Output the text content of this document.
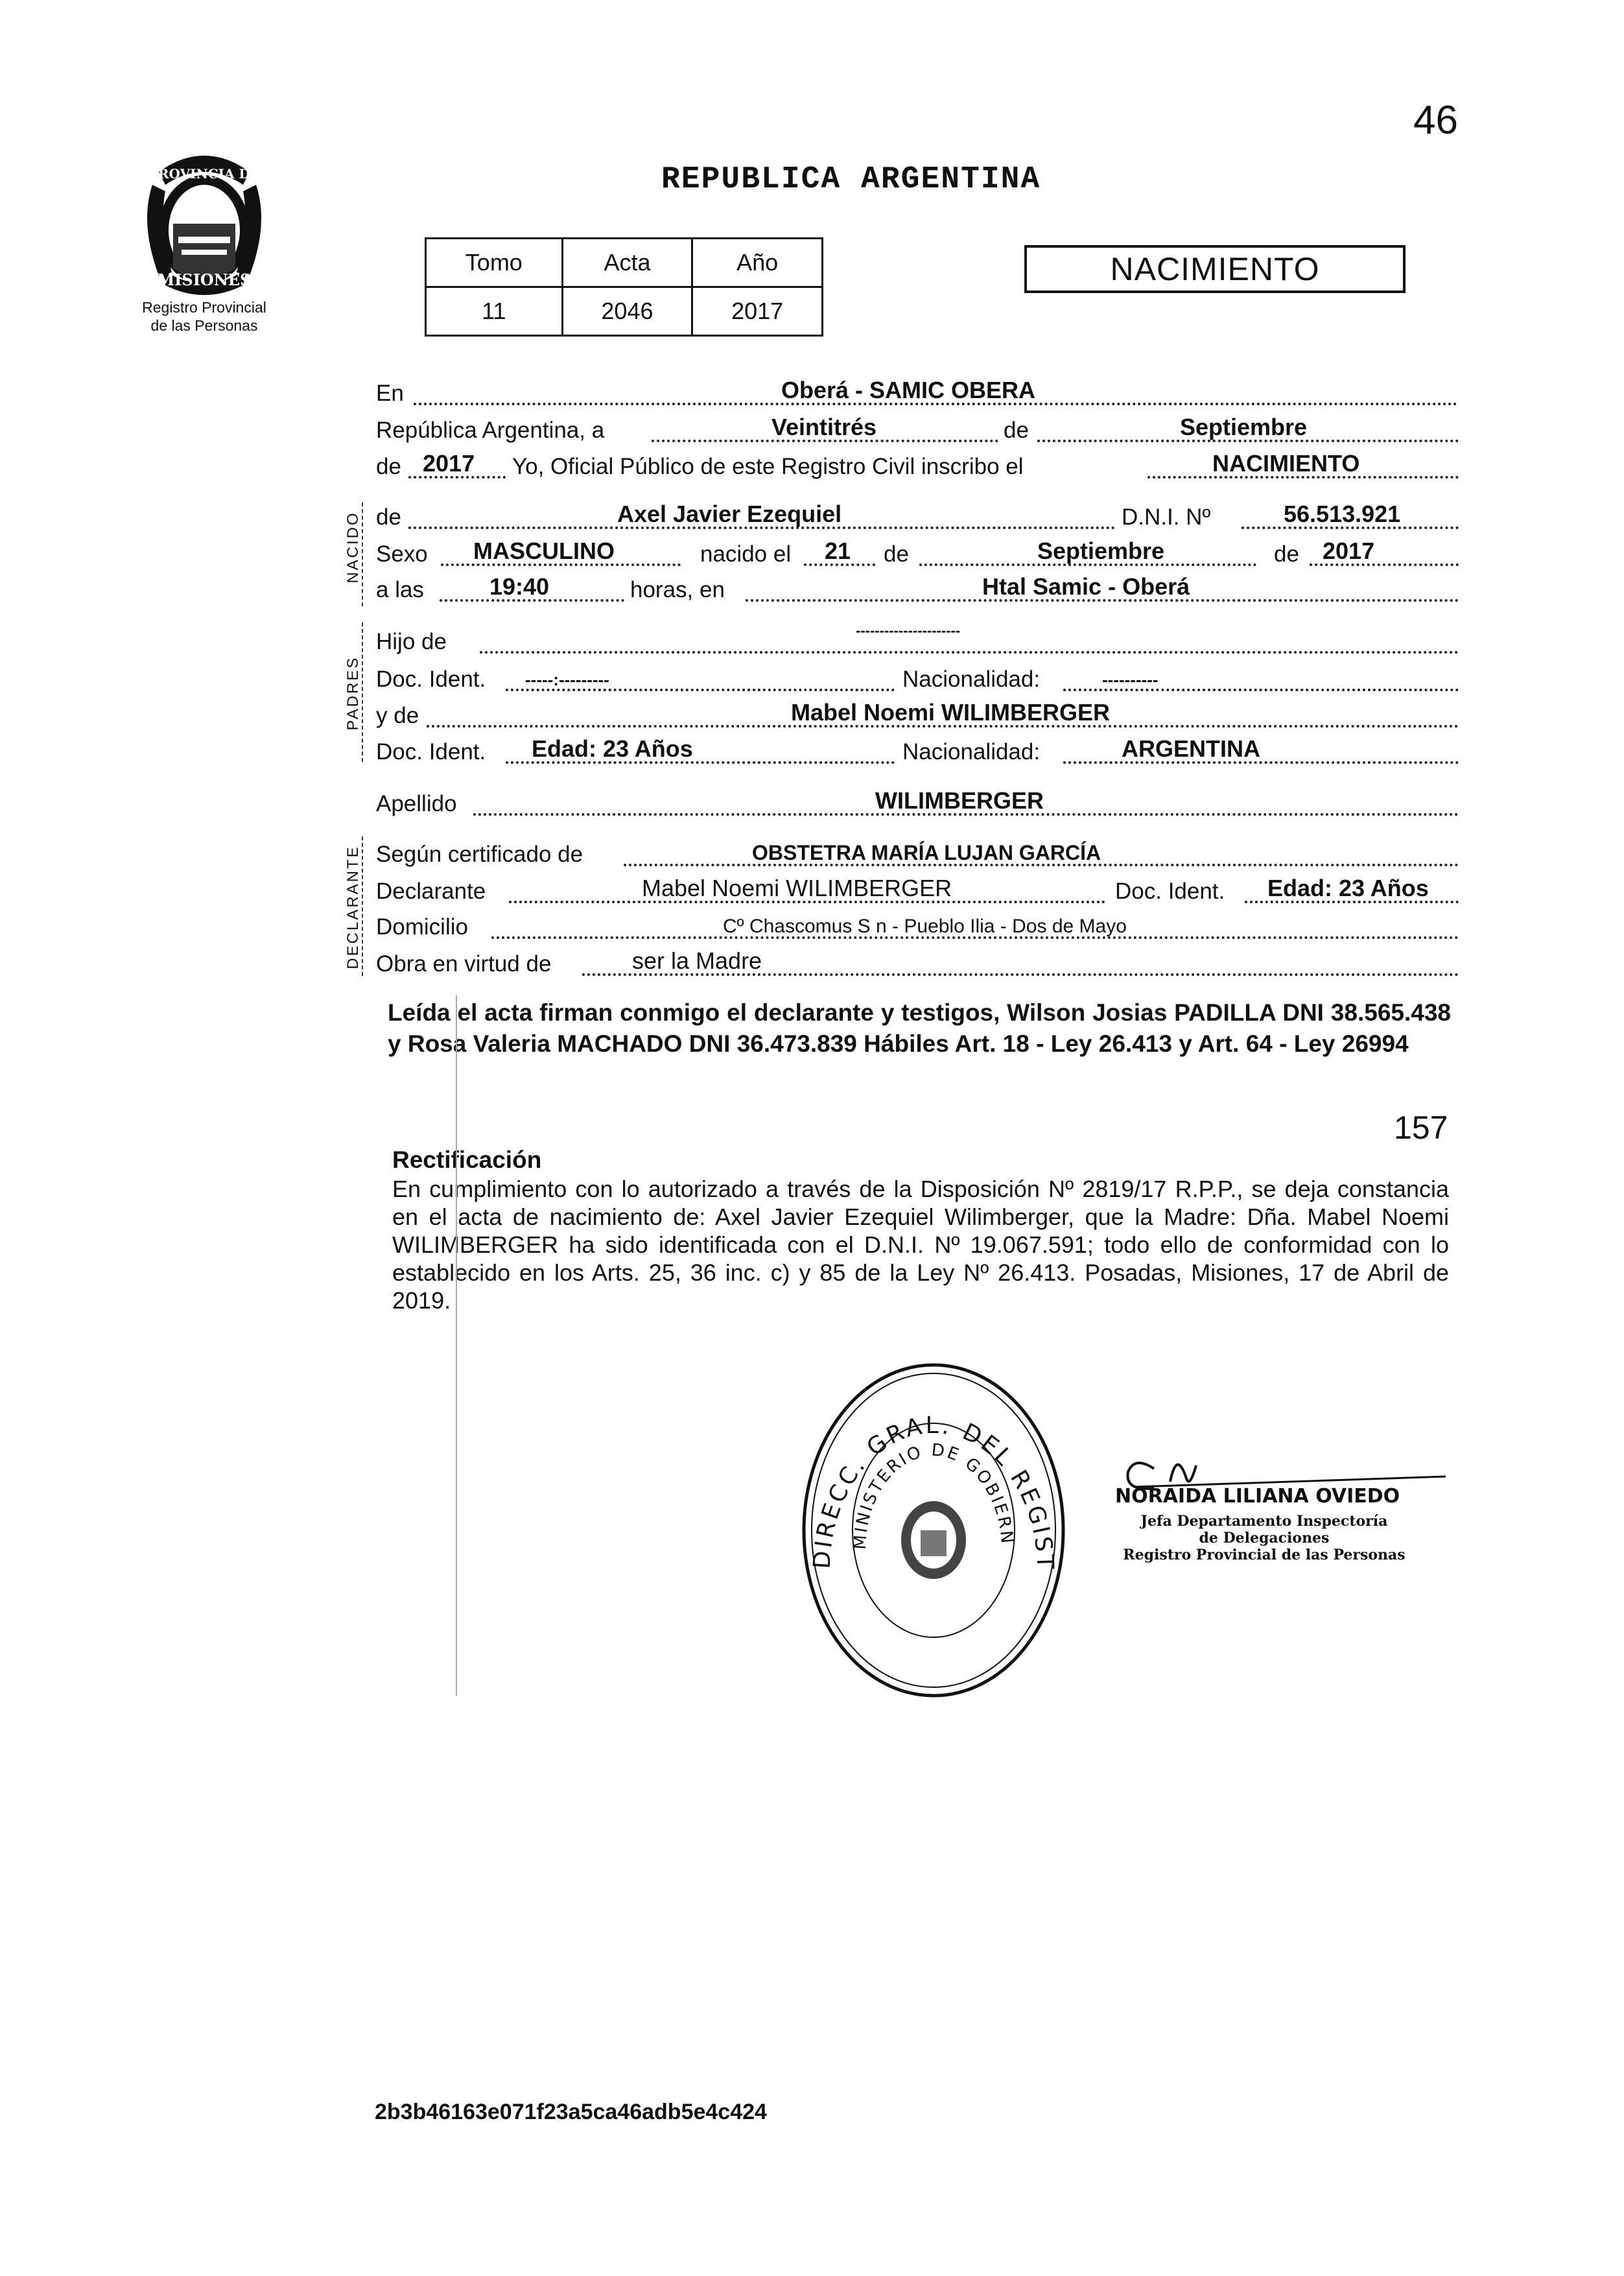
46
PROVINCIA DE
MISIONES
Registro Provincial
de las Personas
REPUBLICA ARGENTINA
Tomo	Acta	Año
11	2046	2017
NACIMIENTO
NACIDO
En	Oberá - SAMIC OBERA
República Argentina, a	Veintitrés	de	Septiembre
de 2017 Yo, Oficial Público de este Registro Civil inscribo el	NACIMIENTO
de	Axel Javier Ezequiel	D.N.I. Nº	56.513.921
Sexo MASCULINO	nacido el 21 de	Septiembre	de 2017
a las	19:40	horas, en	Htal Samic - Oberá
PADRES
Hijo de	----------------------
Doc. Ident. -----:---------	Nacionalidad:	----------
y de	Mabel Noemi WILIMBERGER
Doc. Ident. Edad: 23 Años	Nacionalidad:	ARGENTINA
Apellido	WILIMBERGER
DECLARANTE Según certificado de	OBSTETRA MARÍA LUJAN GARCÍA
Declarante	Mabel Noemi WILIMBERGER	Doc. Ident. Edad: 23 Años
Domicilio	Cº Chascomus S n - Pueblo Ilia - Dos de Mayo
Obra en virtud de	ser la Madre
Leída el acta firman conmigo el declarante y testigos, Wilson Josias PADILLA DNI 38.565.438 y Rosa Valeria MACHADO DNI 36.473.839 Hábiles Art. 18 - Ley 26.413 y Art. 64 - Ley 26994
157
Rectificación
En cumplimiento con lo autorizado a través de la Disposición Nº 2819/17 R.P.P., se deja constancia en el acta de nacimiento de: Axel Javier Ezequiel Wilimberger, que la Madre: Dña. Mabel Noemi WILIMBERGER ha sido identificada con el D.N.I. Nº 19.067.591; todo ello de conformidad con lo establecido en los Arts. 25, 36 inc. c) y 85 de la Ley Nº 26.413. Posadas, Misiones, 17 de Abril de 2019.
DIRECC. GRAL. DEL REGIST
MINISTERIO DE GOBIERN
NORAIDA LILIANA OVIEDO
Jefa Departamento Inspectoría
de Delegaciones
Registro Provincial de las Personas
2b3b46163e071f23a5ca46adb5e4c424
